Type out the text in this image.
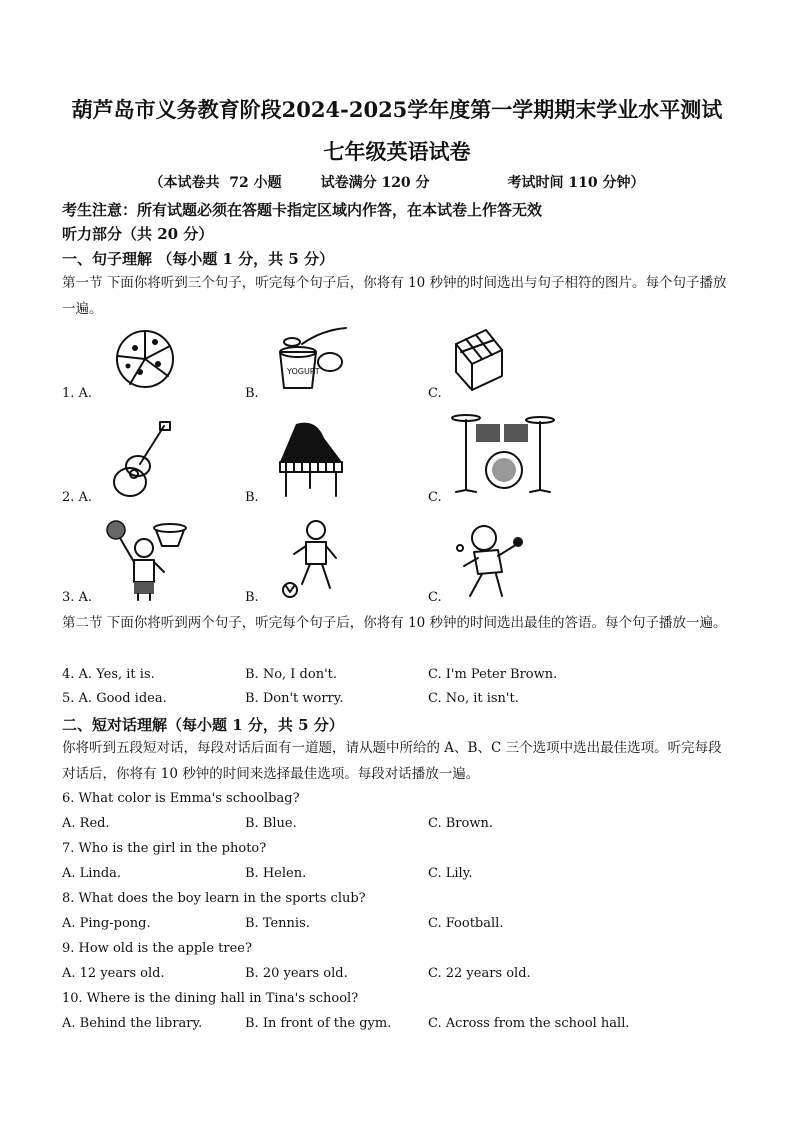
葫芦岛市义务教育阶段2024-2025学年度第一学期期末学业水平测试
七年级英语试卷
（本试卷共  72 小题        试卷满分 120 分                考试时间 110 分钟）
考生注意：所有试题必须在答题卡指定区域内作答，在本试卷上作答无效
听力部分（共 20 分）
一、句子理解 （每小题 1 分，共 5 分）
第一节 下面你将听到三个句子，听完每个句子后，你将有 10 秒钟的时间选出与句子相符的图片。每个句子播放一遍。
1. A.	B.	C.
YOGURT
2. A.	B.	C.
3. A.	B.	C.
第二节 下面你将听到两个句子，听完每个句子后，你将有 10 秒钟的时间选出最佳的答语。每个句子播放一遍。
4. A. Yes, it is.	B. No, I don't.	C. I'm Peter Brown.
5. A. Good idea.	B. Don't worry.	C. No, it isn't.
二、短对话理解（每小题 1 分，共 5 分）
你将听到五段短对话，每段对话后面有一道题，请从题中所给的 A、B、C 三个选项中选出最佳选项。听完每段对话后，你将有 10 秒钟的时间来选择最佳选项。每段对话播放一遍。
6. What color is Emma's schoolbag?
A. Red.	B. Blue.	C. Brown.
7. Who is the girl in the photo?
A. Linda.	B. Helen.	C. Lily.
8. What does the boy learn in the sports club?
A. Ping-pong.	B. Tennis.	C. Football.
9. How old is the apple tree?
A. 12 years old.	B. 20 years old.	C. 22 years old.
10. Where is the dining hall in Tina's school?
A. Behind the library.	B. In front of the gym.	C. Across from the school hall.
